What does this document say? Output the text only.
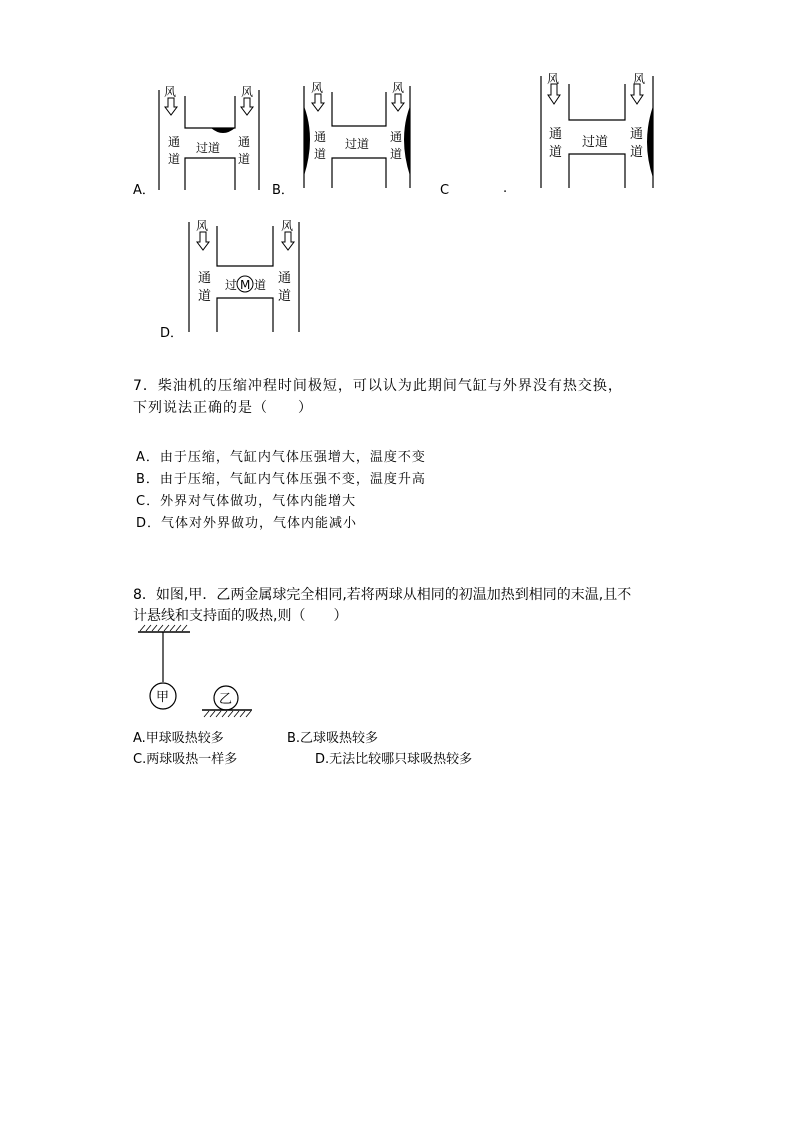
风	风
通
道
通
道
过道
风	风
通
道
通
道
过道
风	风
通
道
通
道
过道
风	风
通
道
通
道
过 M 道
A．	B．	C	.
D．
7．柴油机的压缩冲程时间极短，可以认为此期间气缸与外界没有热交换，
下列说法正确的是（　　）
A．由于压缩，气缸内气体压强增大，温度不变
B．由于压缩，气缸内气体压强不变，温度升高
C．外界对气体做功，气体内能增大
D．气体对外界做功，气体内能减小
8．如图,甲．乙两金属球完全相同,若将两球从相同的初温加热到相同的末温,且不
计悬线和支持面的吸热,则（　　）
甲	乙
A.甲球吸热较多	B.乙球吸热较多
C.两球吸热一样多	D.无法比较哪只球吸热较多
